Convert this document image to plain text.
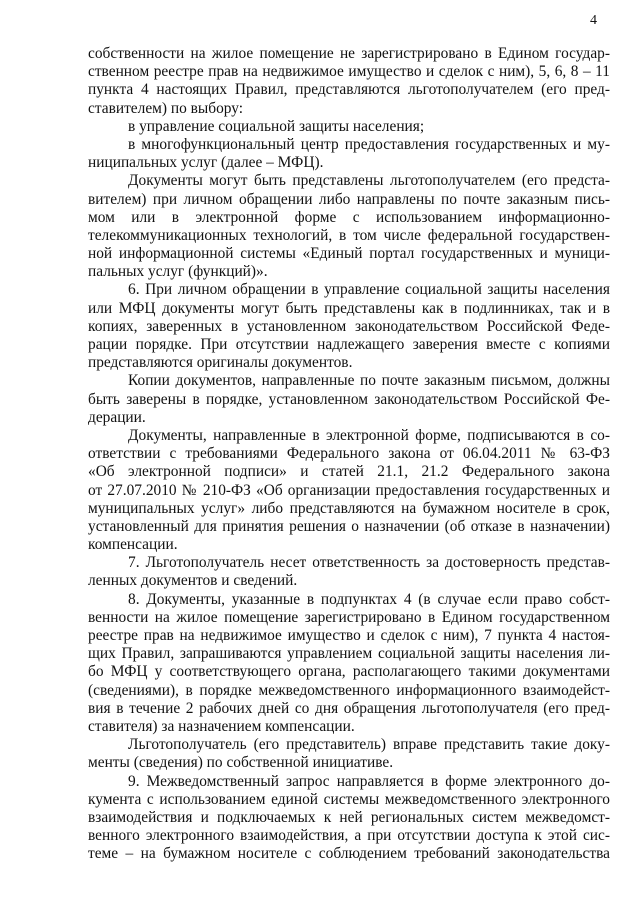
4
собственности на жилое помещение не зарегистрировано в Едином государ-
ственном реестре прав на недвижимое имущество и сделок с ним), 5, 6, 8 – 11
пункта 4 настоящих Правил, представляются льготополучателем (его пред-
ставителем) по выбору:
в управление социальной защиты населения;
в многофункциональный центр предоставления государственных и му-
ниципальных услуг (далее – МФЦ).
Документы могут быть представлены льготополучателем (его предста-
вителем) при личном обращении либо направлены по почте заказным пись-
мом или в электронной форме с использованием информационно-
телекоммуникационных технологий, в том числе федеральной государствен-
ной информационной системы «Единый портал государственных и муници-
пальных услуг (функций)».
6. При личном обращении в управление социальной защиты населения
или МФЦ документы могут быть представлены как в подлинниках, так и в
копиях, заверенных в установленном законодательством Российской Феде-
рации порядке. При отсутствии надлежащего заверения вместе с копиями
представляются оригиналы документов.
Копии документов, направленные по почте заказным письмом, должны
быть заверены в порядке, установленном законодательством Российской Фе-
дерации.
Документы, направленные в электронной форме, подписываются в со-
ответствии с требованиями Федерального закона от 06.04.2011 № 63-ФЗ
«Об электронной подписи» и статей 21.1, 21.2 Федерального закона
от 27.07.2010 № 210-ФЗ «Об организации предоставления государственных и
муниципальных услуг» либо представляются на бумажном носителе в срок,
установленный для принятия решения о назначении (об отказе в назначении)
компенсации.
7. Льготополучатель несет ответственность за достоверность представ-
ленных документов и сведений.
8. Документы, указанные в подпунктах 4 (в случае если право собст-
венности на жилое помещение зарегистрировано в Едином государственном
реестре прав на недвижимое имущество и сделок с ним), 7 пункта 4 настоя-
щих Правил, запрашиваются управлением социальной защиты населения ли-
бо МФЦ у соответствующего органа, располагающего такими документами
(сведениями), в порядке межведомственного информационного взаимодейст-
вия в течение 2 рабочих дней со дня обращения льготополучателя (его пред-
ставителя) за назначением компенсации.
Льготополучатель (его представитель) вправе представить такие доку-
менты (сведения) по собственной инициативе.
9. Межведомственный запрос направляется в форме электронного до-
кумента с использованием единой системы межведомственного электронного
взаимодействия и подключаемых к ней региональных систем межведомст-
венного электронного взаимодействия, а при отсутствии доступа к этой сис-
теме – на бумажном носителе с соблюдением требований законодательства
